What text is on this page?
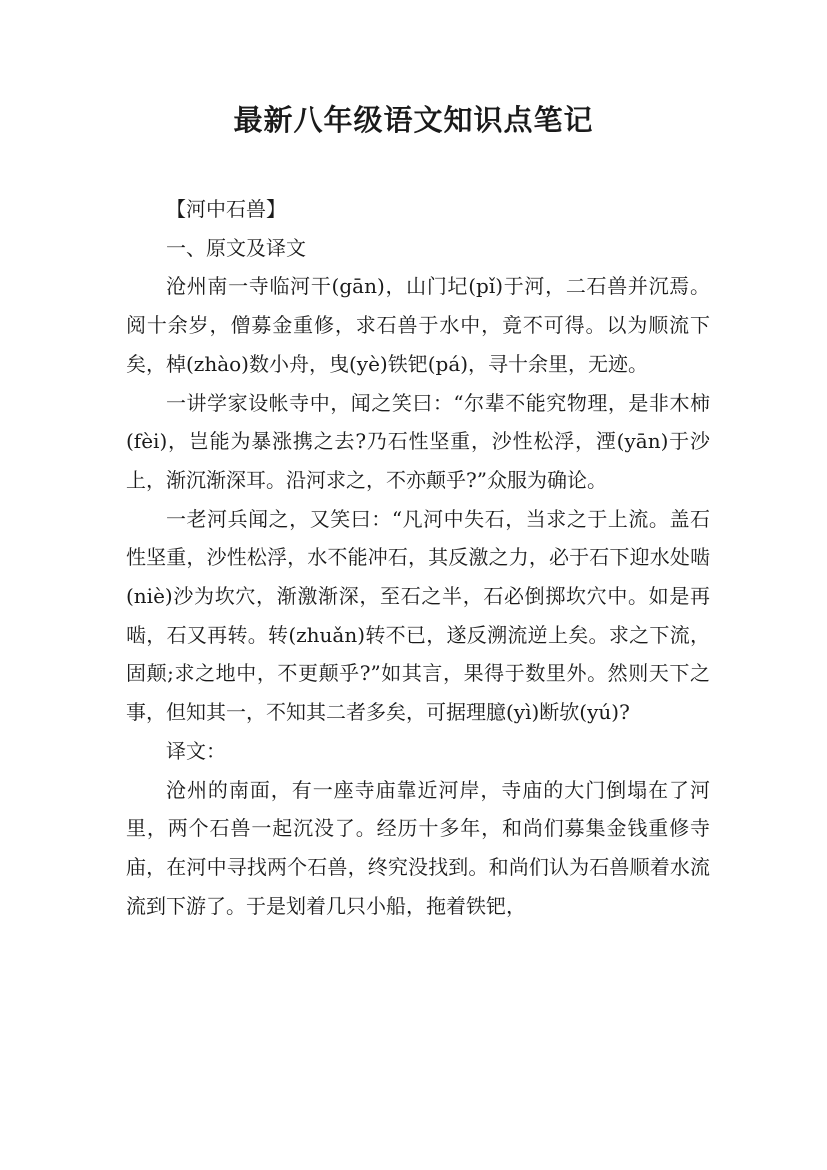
最新八年级语文知识点笔记

【河中石兽】

一、原文及译文

沧州南一寺临河干(gān)，山门圮(pǐ)于河，二石兽并沉焉。阅十余岁，僧募金重修，求石兽于水中，竟不可得。以为顺流下矣，棹(zhào)数小舟，曳(yè)铁钯(pá)，寻十余里，无迹。

一讲学家设帐寺中，闻之笑曰：“尔辈不能究物理，是非木柿(fèi)，岂能为暴涨携之去?乃石性坚重，沙性松浮，湮(yān)于沙上，渐沉渐深耳。沿河求之，不亦颠乎?”众服为确论。

一老河兵闻之，又笑曰：“凡河中失石，当求之于上流。盖石性坚重，沙性松浮，水不能冲石，其反激之力，必于石下迎水处啮(niè)沙为坎穴，渐激渐深，至石之半，石必倒掷坎穴中。如是再啮，石又再转。转(zhuǎn)转不已，遂反溯流逆上矣。求之下流，固颠;求之地中，不更颠乎?”如其言，果得于数里外。然则天下之事，但知其一，不知其二者多矣，可据理臆(yì)断欤(yú)?

译文：

沧州的南面，有一座寺庙靠近河岸，寺庙的大门倒塌在了河里，两个石兽一起沉没了。经历十多年，和尚们募集金钱重修寺庙，在河中寻找两个石兽，终究没找到。和尚们认为石兽顺着水流流到下游了。于是划着几只小船，拖着铁钯，
